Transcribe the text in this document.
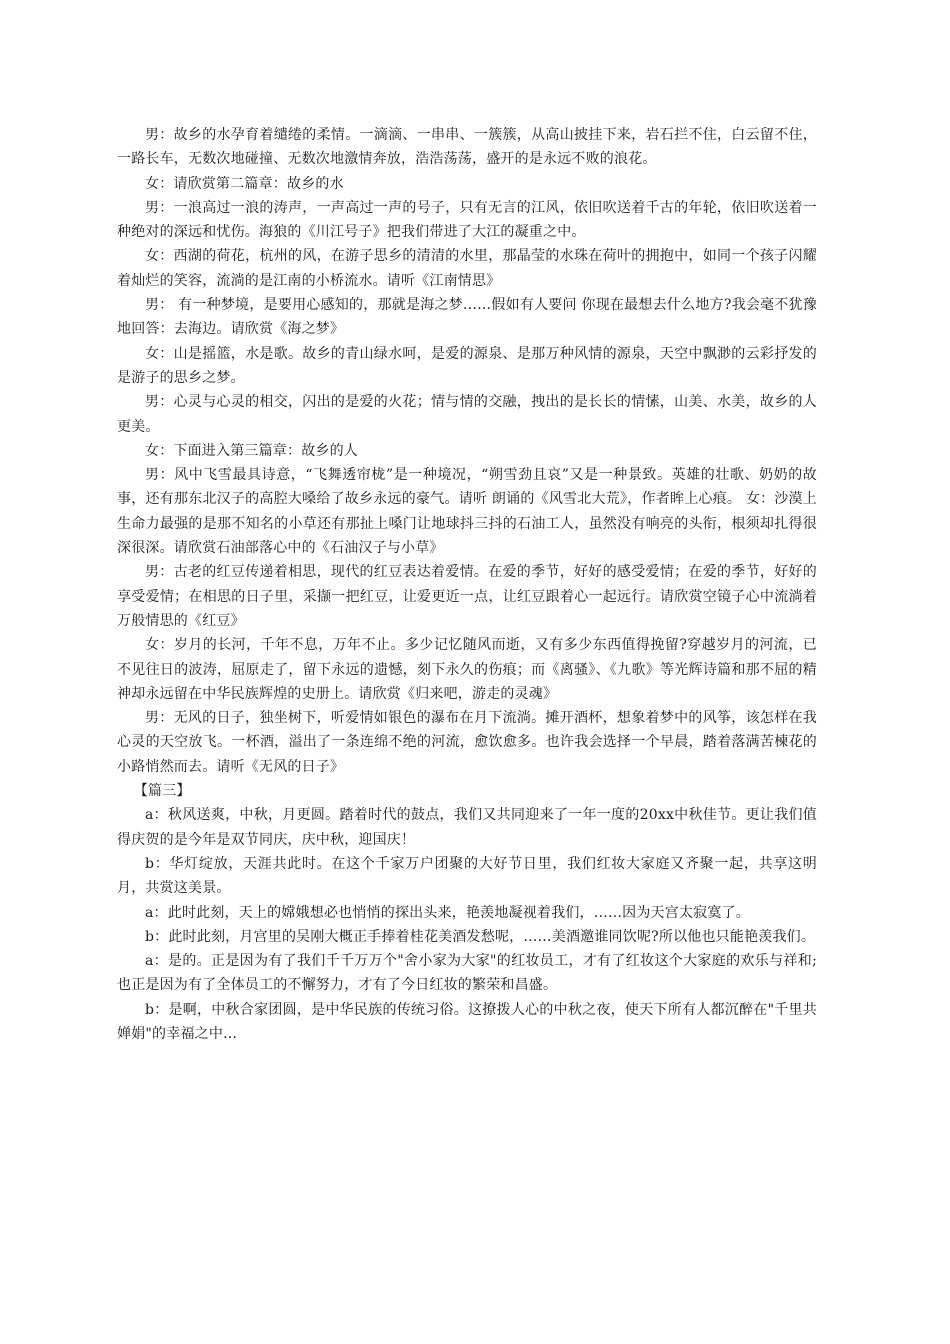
男：故乡的水孕育着缱绻的柔情。一滴滴、一串串、一簇簇，从高山披挂下来，岩石拦不住，白云留不住，一路长车，无数次地碰撞、无数次地激情奔放，浩浩荡荡，盛开的是永远不败的浪花。

女：请欣赏第二篇章：故乡的水

男：一浪高过一浪的涛声，一声高过一声的号子，只有无言的江风，依旧吹送着千古的年轮，依旧吹送着一种绝对的深远和忧伤。海狼的《川江号子》把我们带进了大江的凝重之中。

女：西湖的荷花，杭州的风，在游子思乡的清清的水里，那晶莹的水珠在荷叶的拥抱中，如同一个孩子闪耀着灿烂的笑容，流淌的是江南的小桥流水。请听《江南情思》

男： 有一种梦境，是要用心感知的，那就是海之梦……假如有人要问 你现在最想去什么地方?我会毫不犹豫地回答：去海边。请欣赏《海之梦》

女：山是摇篮，水是歌。故乡的青山绿水呵，是爱的源泉、是那万种风情的源泉，天空中飘渺的云彩抒发的是游子的思乡之梦。

男：心灵与心灵的相交，闪出的是爱的火花；情与情的交融，拽出的是长长的情愫，山美、水美，故乡的人更美。

女：下面进入第三篇章：故乡的人

男：风中飞雪最具诗意，“飞舞透帘栊”是一种境况，“朔雪劲且哀”又是一种景致。英雄的壮歌、奶奶的故事，还有那东北汉子的高腔大嗓给了故乡永远的豪气。请听 朗诵的《风雪北大荒》，作者眸上心痕。 女：沙漠上生命力最强的是那不知名的小草还有那扯上嗓门让地球抖三抖的石油工人，虽然没有响亮的头衔，根须却扎得很深很深。请欣赏石油部落心中的《石油汉子与小草》

男：古老的红豆传递着相思，现代的红豆表达着爱情。在爱的季节，好好的感受爱情；在爱的季节，好好的享受爱情；在相思的日子里，采撷一把红豆，让爱更近一点，让红豆跟着心一起远行。请欣赏空镜子心中流淌着万般情思的《红豆》

女：岁月的长河，千年不息，万年不止。多少记忆随风而逝，又有多少东西值得挽留?穿越岁月的河流，已不见往日的波涛，屈原走了，留下永远的遗憾，刻下永久的伤痕；而《离骚》、《九歌》等光辉诗篇和那不屈的精神却永远留在中华民族辉煌的史册上。请欣赏《归来吧，游走的灵魂》

男：无风的日子，独坐树下，听爱情如银色的瀑布在月下流淌。摊开酒杯，想象着梦中的风筝，该怎样在我心灵的天空放飞。一杯酒，溢出了一条连绵不绝的河流，愈饮愈多。也许我会选择一个早晨，踏着落满苦楝花的小路悄然而去。请听《无风的日子》

【篇三】

a：秋风送爽，中秋，月更圆。踏着时代的鼓点，我们又共同迎来了一年一度的20xx中秋佳节。更让我们值得庆贺的是今年是双节同庆，庆中秋，迎国庆！

b：华灯绽放，天涯共此时。在这个千家万户团聚的大好节日里，我们红妆大家庭又齐聚一起，共享这明月，共赏这美景。

a：此时此刻，天上的嫦娥想必也悄悄的探出头来，艳羡地凝视着我们，……因为天宫太寂寞了。

b：此时此刻，月宫里的吴刚大概正手捧着桂花美酒发愁呢，……美酒邀谁同饮呢?所以他也只能艳羡我们。

a：是的。正是因为有了我们千千万万个"舍小家为大家"的红妆员工，才有了红妆这个大家庭的欢乐与祥和;也正是因为有了全体员工的不懈努力，才有了今日红妆的繁荣和昌盛。

b：是啊，中秋合家团圆，是中华民族的传统习俗。这撩拨人心的中秋之夜，使天下所有人都沉醉在"千里共婵娟"的幸福之中…
